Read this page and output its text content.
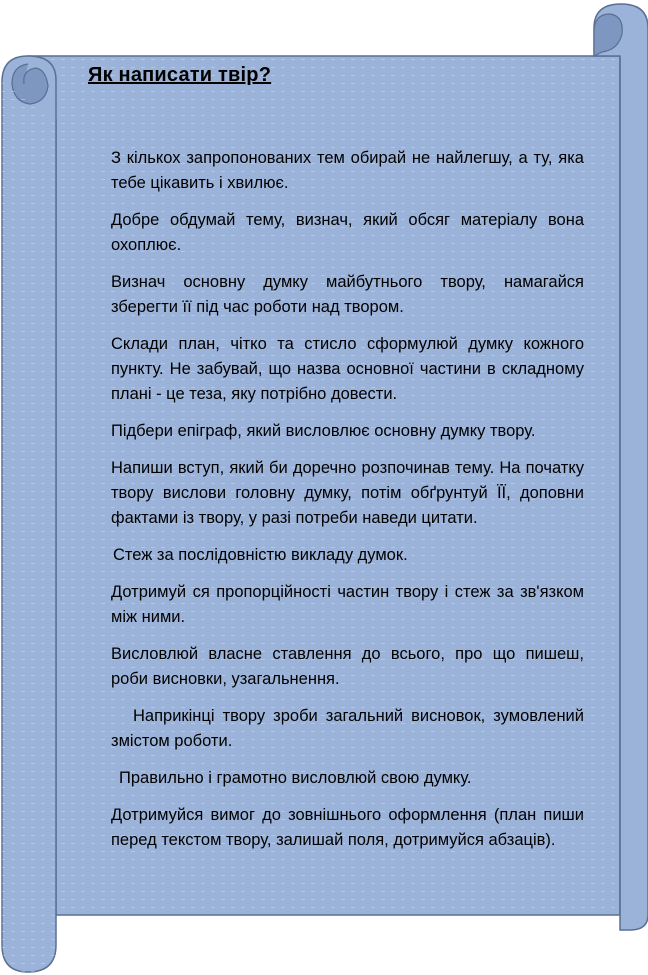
Як написати твір?

З кількох запропонованих тем обирай не найлегшу, а ту, яка тебе цікавить і хвилює.

Добре обдумай тему, визнач, який обсяг матеріалу вона охоплює.

Визнач основну думку майбутнього твору, намагайся зберегти її під час роботи над твором.

Склади план, чітко та стисло сформулюй думку кожного пункту. Не забувай, що назва основної частини в складному плані - це теза, яку потрібно довести.

Підбери епіграф, який висловлює основну думку твору.

Напиши вступ, який би доречно розпочинав тему. На початку твору вислови головну думку, потім обґрунтуй ЇЇ, доповни фактами із твору, у разі потреби наведи цитати.

Стеж за послідовністю викладу думок.

Дотримуй ся пропорційності частин твору і стеж за зв'язком між ними.

Висловлюй власне ставлення до всього, про що пишеш, роби висновки, узагальнення.

Наприкінці твору зроби загальний висновок, зумовлений змістом роботи.

Правильно і грамотно висловлюй свою думку.

Дотримуйся вимог до зовнішнього оформлення (план пиши перед текстом твору, залишай поля, дотримуйся абзаців).
